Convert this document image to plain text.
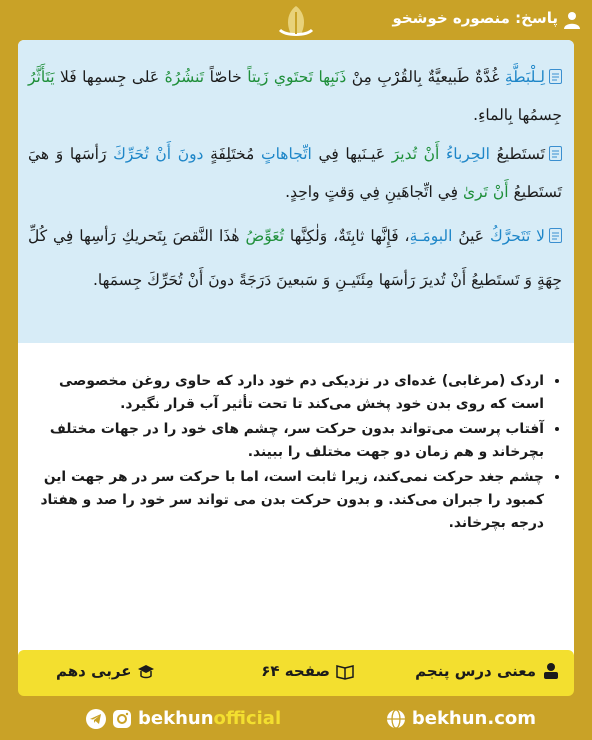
پاسخ: منصوره خوشخو
لِـلْبَطَّةِ غُدَّةٌ طَبيعيَّةٌ بِالقُرْبِ مِنْ ذَنَبِها تَحتَوي زَيتاً خاصّاً تَنشُرُهُ عَلى جِسمِها فَلا يَتَأَثَّرُ جِسمُها بِالماءِ.
تَستَطيعُ الحِرباءُ أَنْ تُديرَ عَيـنَيها فِي اتِّجاهاتٍ مُختَلِفَةٍ دونَ أَنْ تُحَرِّكَ رَأسَها وَ هيَ تَستَطيعُ أَنْ تَرىٰ فِي اتِّجاهَينِ فِي وَقتٍ واحِدٍ.
لا تَتَحرَّكُ عَينُ البومَـةِ، فَإِنَّها ثابِتَةٌ، وَلٰكِنَّها تُعَوِّضُ هٰذَا النَّقصَ بِتَحريكِ رَأسِها فِي كُلِّ جِهَةٍ وَ تَستَطيعُ أَنْ تُديرَ رَأسَها مِئَتَيـنِ وَ سَبعينَ دَرَجَةً دونَ أَنْ تُحَرِّكَ جِسمَها.
• اردک (مرغابی) غده‌ای در نزدیکی دم خود دارد که حاوی روغن مخصوصی است که روی بدن خود پخش می‌کند تا تحت تأثیر آب قرار نگیرد.
• آفتاب پرست می‌تواند بدون حرکت سر، چشم های خود را در جهات مختلف بچرخاند و هم زمان دو جهت مختلف را ببیند.
• چشم جغد حرکت نمی‌کند، زیرا ثابت است، اما با حرکت سر در هر جهت این کمبود را جبران می‌کند. و بدون حرکت بدن می تواند سر خود را صد و هفتاد درجه بچرخاند.
معنی درس پنجم
صفحه ۶۴
عربی دهم
bekhunofficial	bekhun.com
